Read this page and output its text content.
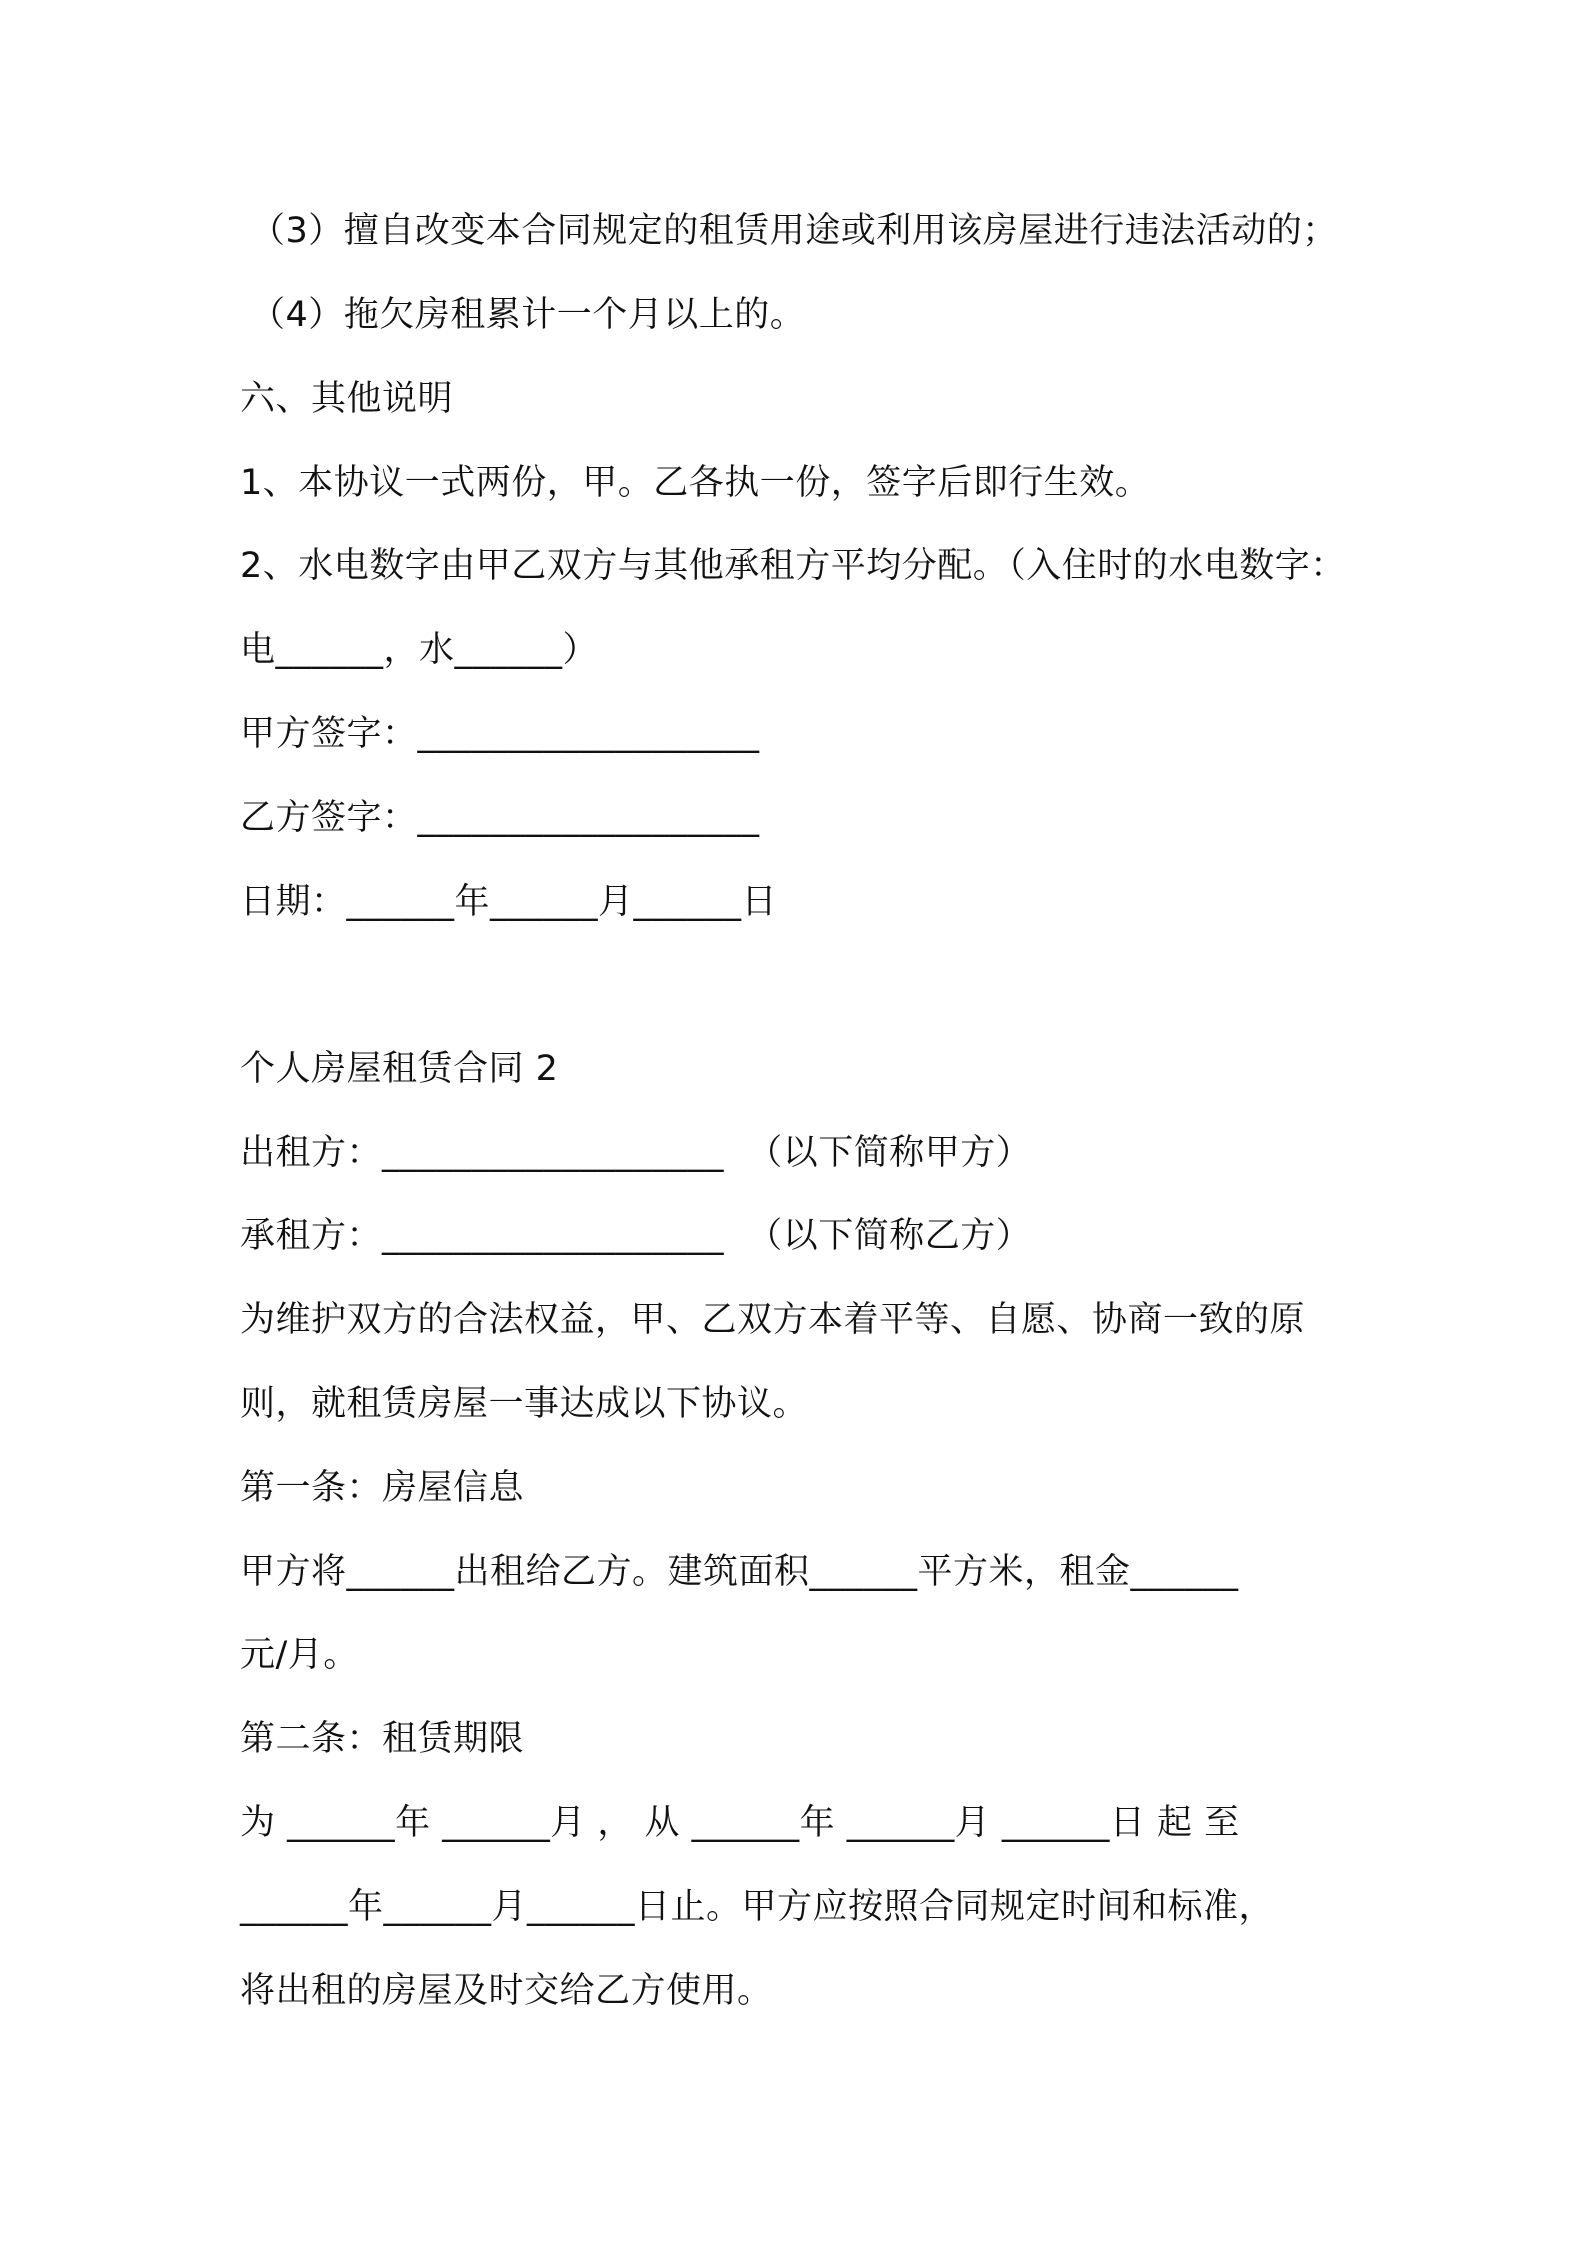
（3）擅自改变本合同规定的租赁用途或利用该房屋进行违法活动的；

（4）拖欠房租累计一个月以上的。

六、其他说明

1、本协议一式两份，甲。乙各执一份，签字后即行生效。

2、水电数字由甲乙双方与其他承租方平均分配。（入住时的水电数字：

电______，水______）

甲方签字：___________________

乙方签字：___________________

日期：______年______月______日

个人房屋租赁合同 2

出租方：___________________  （以下简称甲方）

承租方：___________________  （以下简称乙方）

为维护双方的合法权益，甲、乙双方本着平等、自愿、协商一致的原

则，就租赁房屋一事达成以下协议。

第一条：房屋信息

甲方将______出租给乙方。建筑面积______平方米，租金______

元/月。

第二条：租赁期限

为 ______年 ______月 ， 从 ______年 ______月 ______日 起 至

______年______月______日止。甲方应按照合同规定时间和标准，

将出租的房屋及时交给乙方使用。
